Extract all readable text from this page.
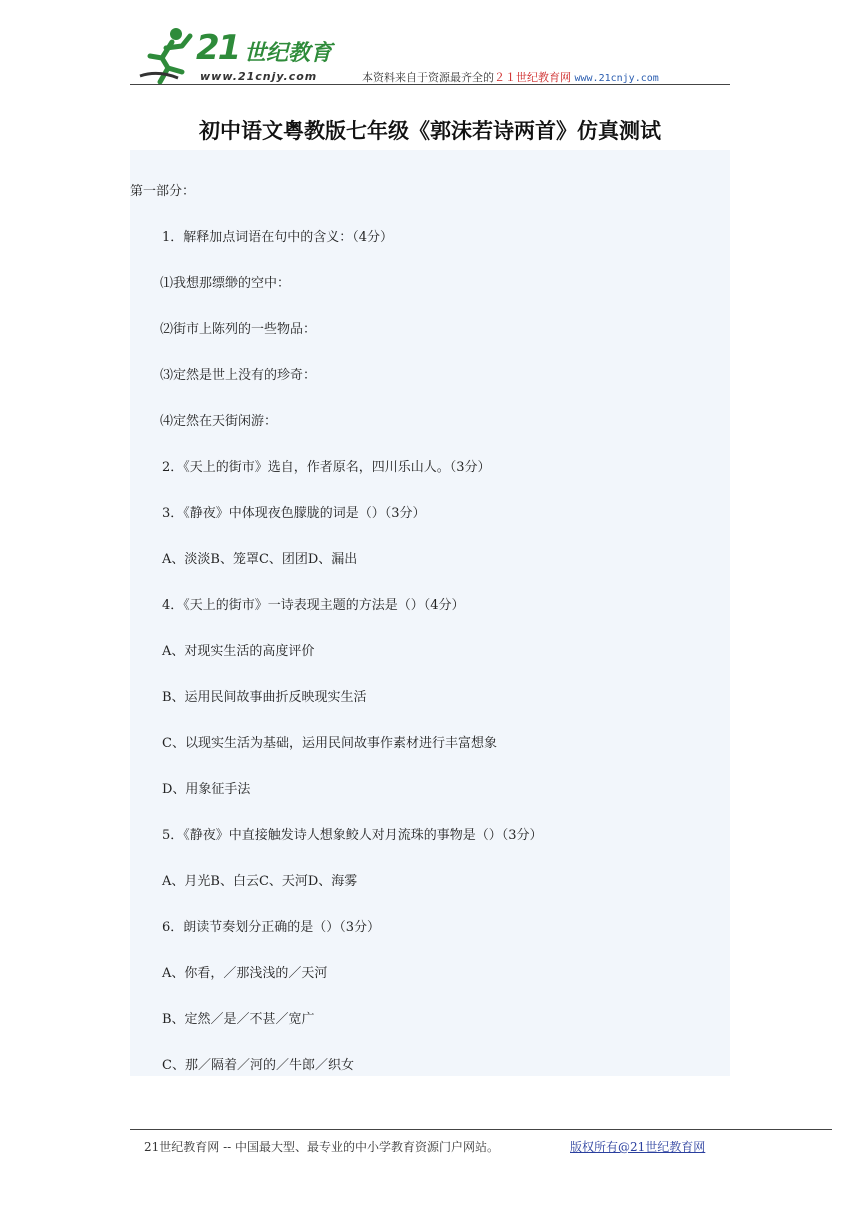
21 世纪教育
www.21cnjy.com	本资料来自于资源最齐全的２１世纪教育网 www.21cnjy.com
初中语文粤教版七年级《郭沫若诗两首》仿真测试
第一部分：
1．解释加点词语在句中的含义：（4分）
⑴我想那缥缈的空中：
⑵街市上陈列的一些物品：
⑶定然是世上没有的珍奇：
⑷定然在天街闲游：
2．《天上的街市》选自，作者原名，四川乐山人。（3分）
3．《静夜》中体现夜色朦胧的词是（）（3分）
A、淡淡B、笼罩C、团团D、漏出
4．《天上的街市》一诗表现主题的方法是（）（4分）
A、对现实生活的高度评价
B、运用民间故事曲折反映现实生活
C、以现实生活为基础，运用民间故事作素材进行丰富想象
D、用象征手法
5．《静夜》中直接触发诗人想象鲛人对月流珠的事物是（）（3分）
A、月光B、白云C、天河D、海雾
6．朗读节奏划分正确的是（）（3分）
A、你看，／那浅浅的／天河
B、定然／是／不甚／宽广
C、那／隔着／河的／牛郎／织女
21世纪教育网 -- 中国最大型、最专业的中小学教育资源门户网站。	版权所有@21世纪教育网
